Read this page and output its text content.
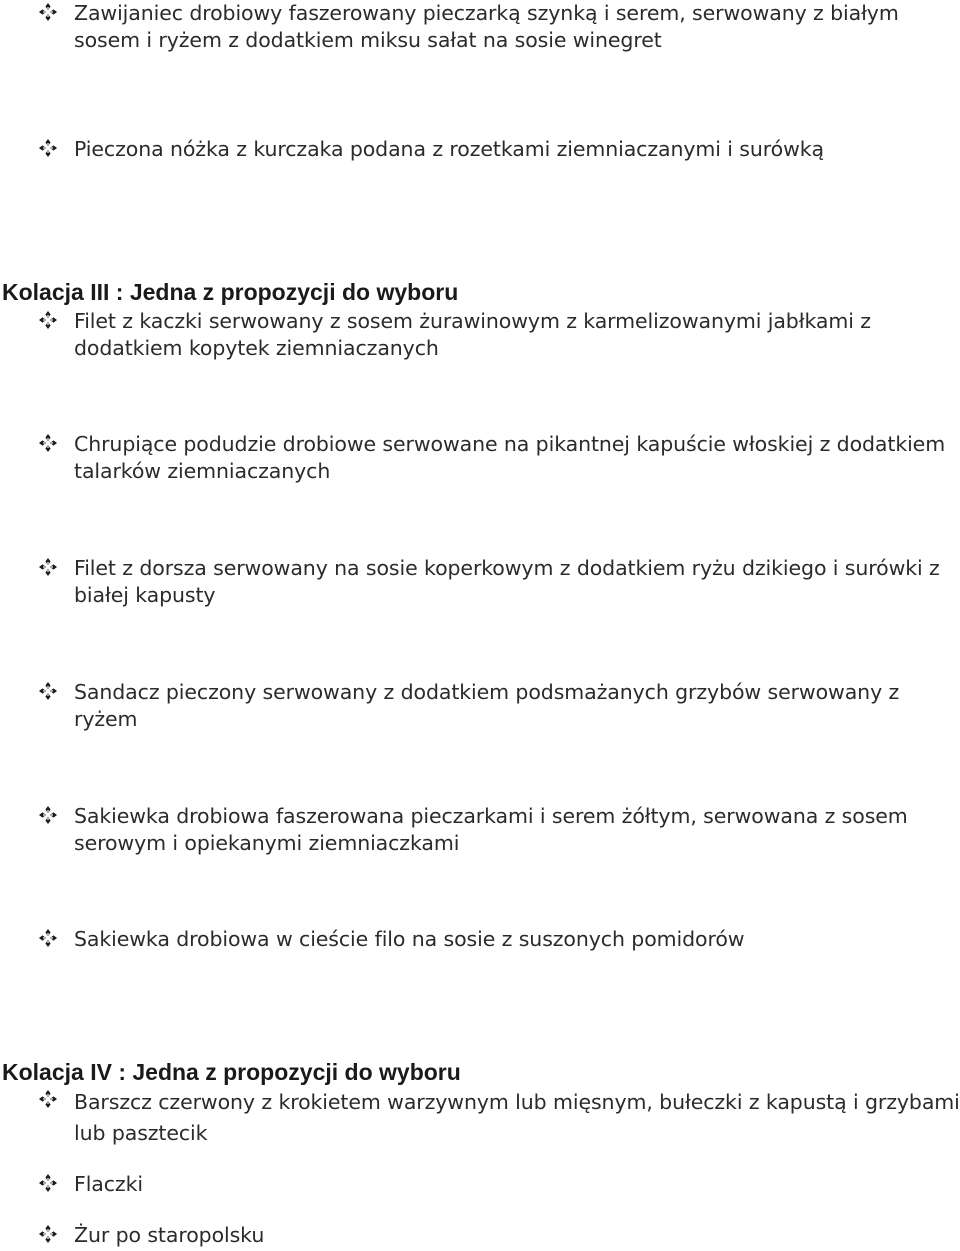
Zawijaniec drobiowy faszerowany pieczarką szynką i serem, serwowany z białym sosem i ryżem z dodatkiem miksu sałat na sosie winegret
Pieczona nóżka z kurczaka podana z rozetkami ziemniaczanymi i surówką
Kolacja III : Jedna z propozycji do wyboru
Filet z kaczki serwowany z sosem żurawinowym z karmelizowanymi jabłkami z dodatkiem kopytek ziemniaczanych
Chrupiące podudzie drobiowe serwowane na pikantnej kapuście włoskiej z dodatkiem talarków ziemniaczanych
Filet z dorsza serwowany na sosie koperkowym z dodatkiem ryżu dzikiego i surówki z białej kapusty
Sandacz pieczony serwowany z dodatkiem podsmażanych grzybów serwowany z ryżem
Sakiewka drobiowa faszerowana pieczarkami i serem żółtym, serwowana z sosem serowym i opiekanymi ziemniaczkami
Sakiewka drobiowa w cieście filo na sosie z suszonych pomidorów
Kolacja IV : Jedna z propozycji do wyboru
Barszcz czerwony z krokietem warzywnym lub mięsnym, bułeczki z kapustą i grzybami lub pasztecik
Flaczki
Żur po staropolsku
